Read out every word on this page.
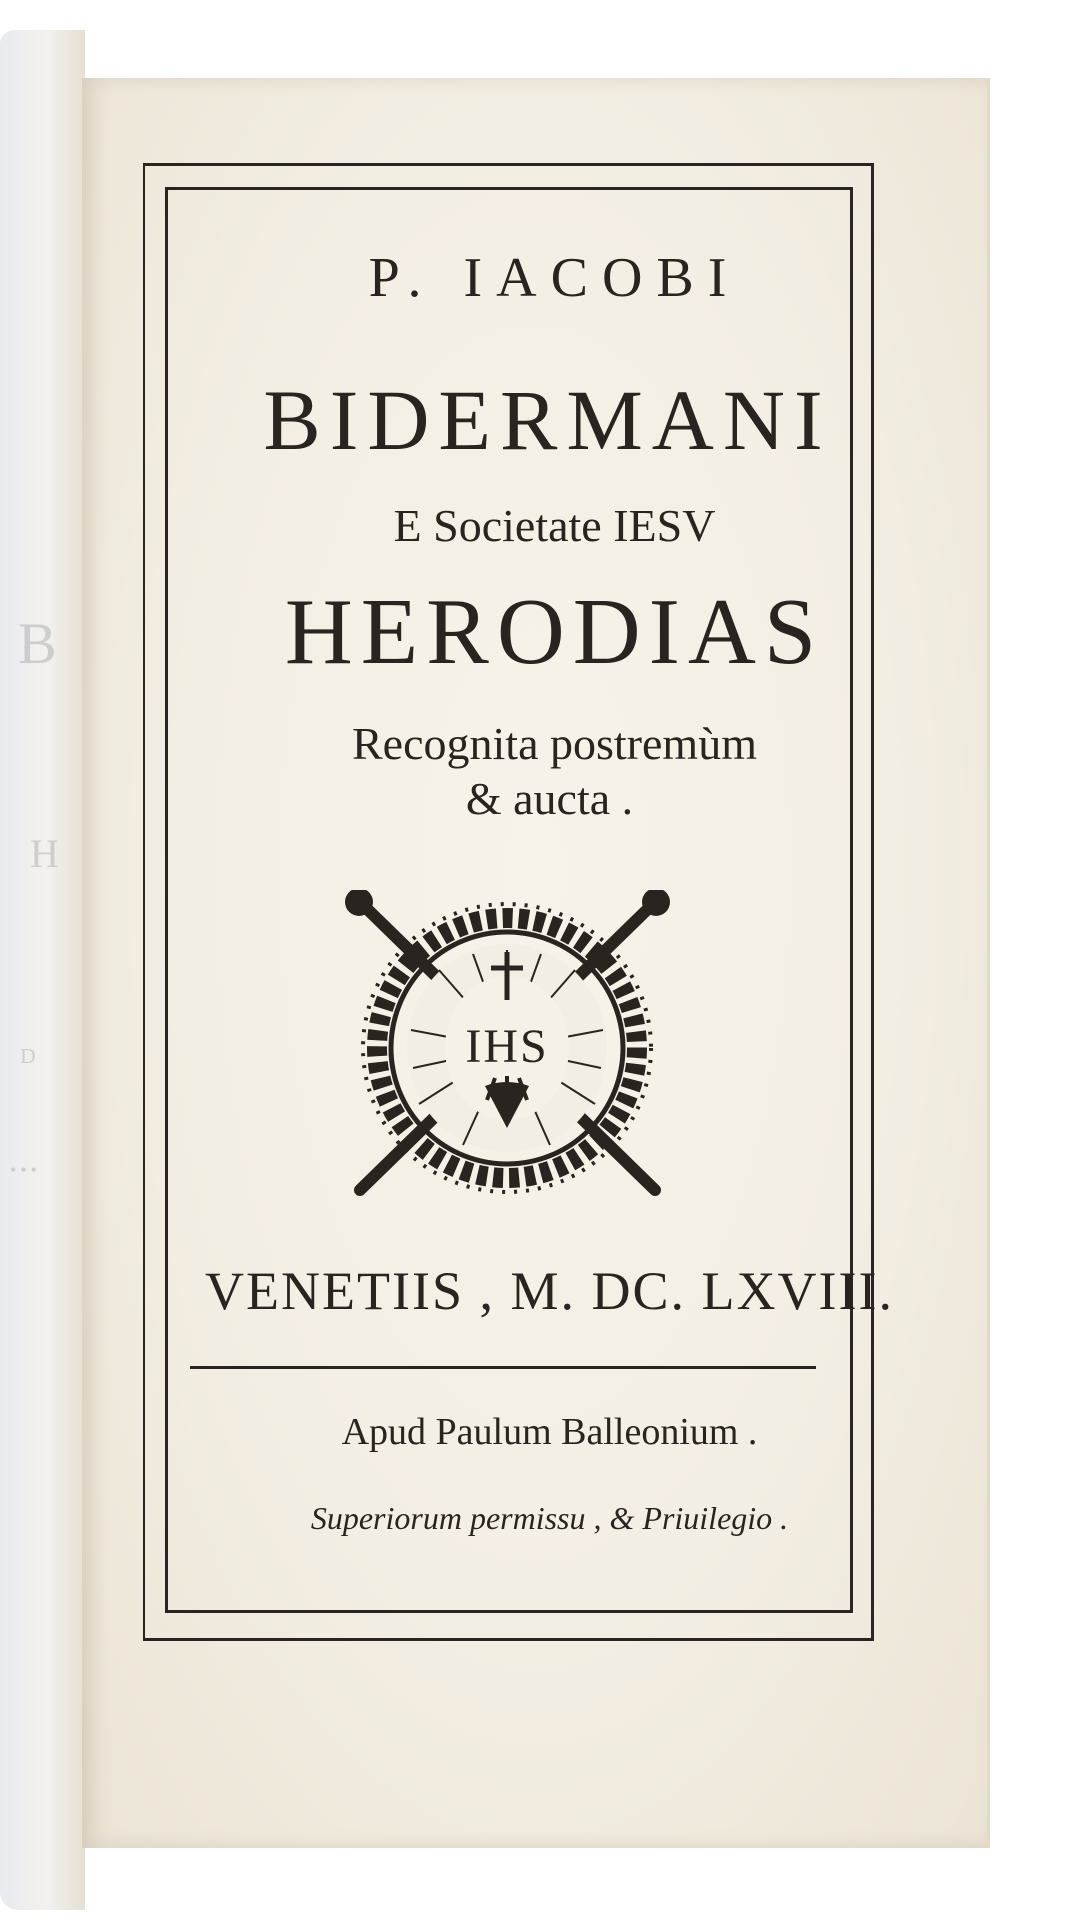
B
H
ᴰ
•••
P. IACOBI
BIDERMANI
E Societate IESV
HERODIAS
Recognita postremùm
& aucta .
IHS
VENETIIS , M. DC. LXVIII.
Apud Paulum Balleonium .
Superiorum permissu , & Priuilegio .
